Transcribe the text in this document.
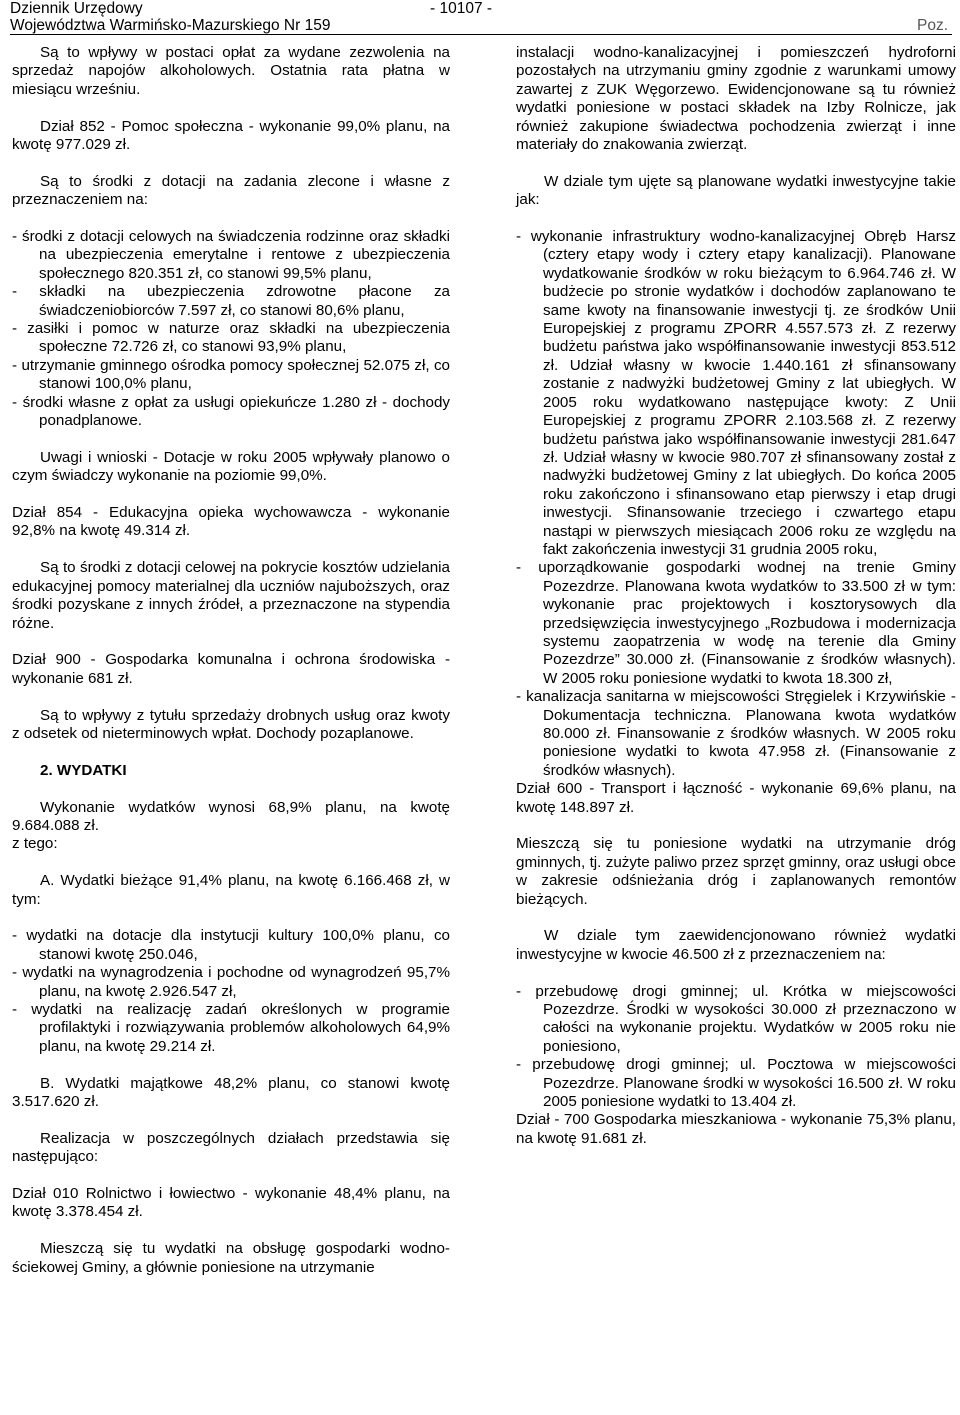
Dziennik Urzędowy
Województwa Warmińsko-Mazurskiego Nr 159
- 10107 -
Poz.

Są to wpływy w postaci opłat za wydane zezwolenia na sprzedaż napojów alkoholowych. Ostatnia rata płatna w miesiącu wrześniu.

Dział 852 - Pomoc społeczna - wykonanie 99,0% planu, na kwotę 977.029 zł.

Są to środki z dotacji na zadania zlecone i własne z przeznaczeniem na:

- środki z dotacji celowych na świadczenia rodzinne oraz składki na ubezpieczenia emerytalne i rentowe z ubezpieczenia społecznego 820.351 zł, co stanowi 99,5% planu,

- składki na ubezpieczenia zdrowotne płacone za świadczeniobiorców 7.597 zł, co stanowi 80,6% planu,

- zasiłki i pomoc w naturze oraz składki na ubezpieczenia społeczne 72.726 zł, co stanowi 93,9% planu,

- utrzymanie gminnego ośrodka pomocy społecznej 52.075 zł, co stanowi 100,0% planu,

- środki własne z opłat za usługi opiekuńcze 1.280 zł - dochody ponadplanowe.

Uwagi i wnioski - Dotacje w roku 2005 wpływały planowo o czym świadczy wykonanie na poziomie 99,0%.

Dział 854 - Edukacyjna opieka wychowawcza - wykonanie 92,8% na kwotę 49.314 zł.

Są to środki z dotacji celowej na pokrycie kosztów udzielania edukacyjnej pomocy materialnej dla uczniów najuboższych, oraz środki pozyskane z innych źródeł, a przeznaczone na stypendia różne.

Dział 900 - Gospodarka komunalna i ochrona środowiska - wykonanie 681 zł.

Są to wpływy z tytułu sprzedaży drobnych usług oraz kwoty z odsetek od nieterminowych wpłat. Dochody pozaplanowe.

2. WYDATKI

Wykonanie wydatków wynosi 68,9% planu, na kwotę 9.684.088 zł.

z tego:

A. Wydatki bieżące 91,4% planu, na kwotę 6.166.468 zł, w tym:

- wydatki na dotacje dla instytucji kultury 100,0% planu, co stanowi kwotę 250.046,

- wydatki na wynagrodzenia i pochodne od wynagrodzeń 95,7% planu, na kwotę 2.926.547 zł,

- wydatki na realizację zadań określonych w programie profilaktyki i rozwiązywania problemów alkoholowych 64,9% planu, na kwotę 29.214 zł.

B. Wydatki majątkowe 48,2% planu, co stanowi kwotę 3.517.620 zł.

Realizacja w poszczególnych działach przedstawia się następująco:

Dział 010 Rolnictwo i łowiectwo - wykonanie 48,4% planu, na kwotę 3.378.454 zł.

Mieszczą się tu wydatki na obsługę gospodarki wodno-ściekowej Gminy, a głównie poniesione na utrzymanie

instalacji wodno-kanalizacyjnej i pomieszczeń hydroforni pozostałych na utrzymaniu gminy zgodnie z warunkami umowy zawartej z ZUK Węgorzewo. Ewidencjonowane są tu również wydatki poniesione w postaci składek na Izby Rolnicze, jak również zakupione świadectwa pochodzenia zwierząt i inne materiały do znakowania zwierząt.

W dziale tym ujęte są planowane wydatki inwestycyjne takie jak:

- wykonanie infrastruktury wodno-kanalizacyjnej Obręb Harsz (cztery etapy wody i cztery etapy kanalizacji). Planowane wydatkowanie środków w roku bieżącym to 6.964.746 zł. W budżecie po stronie wydatków i dochodów zaplanowano te same kwoty na finansowanie inwestycji tj. ze środków Unii Europejskiej z programu ZPORR 4.557.573 zł. Z rezerwy budżetu państwa jako współfinansowanie inwestycji 853.512 zł. Udział własny w kwocie 1.440.161 zł sfinansowany zostanie z nadwyżki budżetowej Gminy z lat ubiegłych. W 2005 roku wydatkowano następujące kwoty: Z Unii Europejskiej z programu ZPORR 2.103.568 zł. Z rezerwy budżetu państwa jako współfinansowanie inwestycji 281.647 zł. Udział własny w kwocie 980.707 zł sfinansowany został z nadwyżki budżetowej Gminy z lat ubiegłych. Do końca 2005 roku zakończono i sfinansowano etap pierwszy i etap drugi inwestycji. Sfinansowanie trzeciego i czwartego etapu nastąpi w pierwszych miesiącach 2006 roku ze względu na fakt zakończenia inwestycji 31 grudnia 2005 roku,

- uporządkowanie gospodarki wodnej na trenie Gminy Pozezdrze. Planowana kwota wydatków to 33.500 zł w tym: wykonanie prac projektowych i kosztorysowych dla przedsięwzięcia inwestycyjnego „Rozbudowa i modernizacja systemu zaopatrzenia w wodę na terenie dla Gminy Pozezdrze” 30.000 zł. (Finansowanie z środków własnych). W 2005 roku poniesione wydatki to kwota 18.300 zł,

- kanalizacja sanitarna w miejscowości Stręgielek i Krzywińskie - Dokumentacja techniczna. Planowana kwota wydatków 80.000 zł. Finansowanie z środków własnych. W 2005 roku poniesione wydatki to kwota 47.958 zł. (Finansowanie z środków własnych).

Dział 600 - Transport i łączność - wykonanie 69,6% planu, na kwotę 148.897 zł.

Mieszczą się tu poniesione wydatki na utrzymanie dróg gminnych, tj. zużyte paliwo przez sprzęt gminny, oraz usługi obce w zakresie odśnieżania dróg i zaplanowanych remontów bieżących.

W dziale tym zaewidencjonowano również wydatki inwestycyjne w kwocie 46.500 zł z przeznaczeniem na:

- przebudowę drogi gminnej; ul. Krótka w miejscowości Pozezdrze. Środki w wysokości 30.000 zł przeznaczono w całości na wykonanie projektu. Wydatków w 2005 roku nie poniesiono,

- przebudowę drogi gminnej; ul. Pocztowa w miejscowości Pozezdrze. Planowane środki w wysokości 16.500 zł. W roku 2005 poniesione wydatki to 13.404 zł.

Dział - 700 Gospodarka mieszkaniowa - wykonanie 75,3% planu, na kwotę 91.681 zł.
